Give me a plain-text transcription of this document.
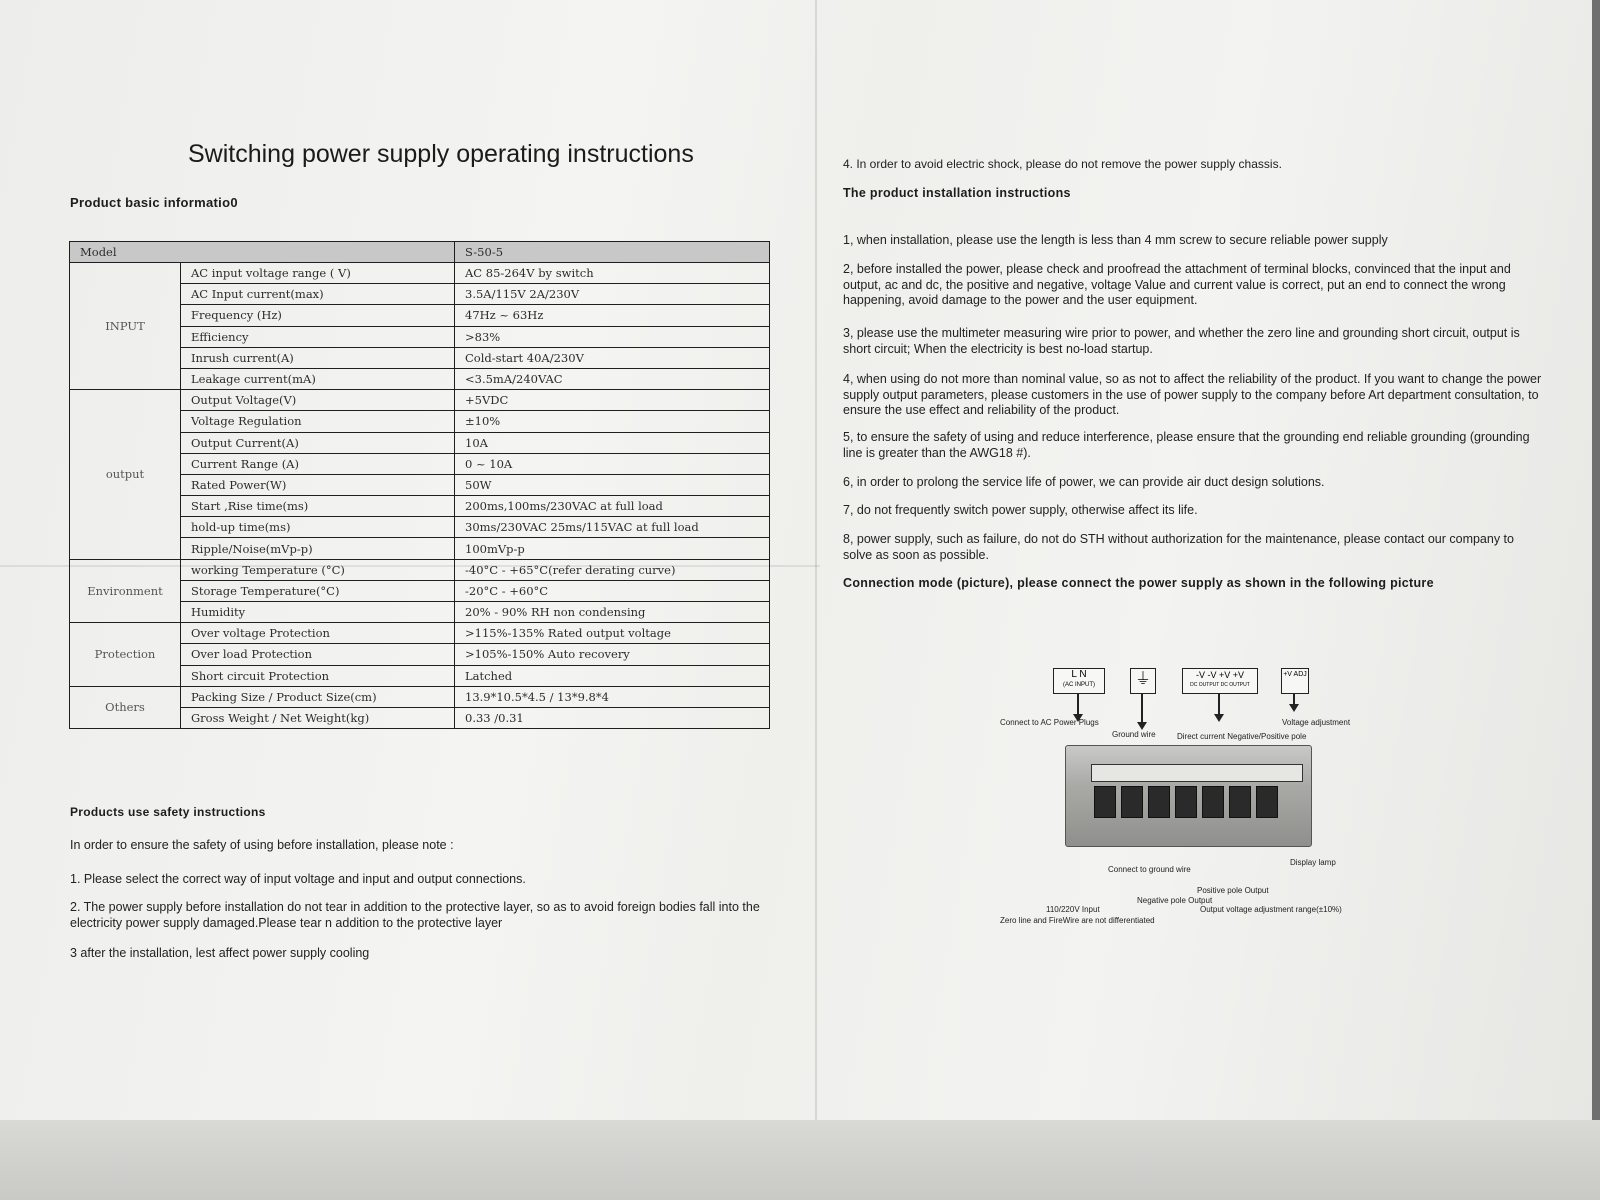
Switching power supply operating instructions
Product basic informatio0
Model		S-50-5
INPUT	AC input voltage range ( V)	AC 85-264V by switch
	AC Input current(max)	3.5A/115V 2A/230V
	Frequency (Hz)	47Hz ~ 63Hz
	Efficiency	>83%
	Inrush current(A)	Cold-start 40A/230V
	Leakage current(mA)	<3.5mA/240VAC
output	Output Voltage(V)	+5VDC
	Voltage Regulation	±10%
	Output Current(A)	10A
	Current Range (A)	0 ~ 10A
	Rated Power(W)	50W
	Start ,Rise time(ms)	200ms,100ms/230VAC at full load
	hold-up time(ms)	30ms/230VAC 25ms/115VAC at full load
	Ripple/Noise(mVp-p)	100mVp-p
Environment	working Temperature (°C)	-40°C - +65°C(refer derating curve)
	Storage Temperature(°C)	-20°C - +60°C
	Humidity	20% - 90% RH non condensing
Protection	Over voltage Protection	>115%-135% Rated output voltage
	Over load Protection	>105%-150% Auto recovery
	Short circuit Protection	Latched
Others	Packing Size / Product Size(cm)	13.9*10.5*4.5 / 13*9.8*4
	Gross Weight / Net Weight(kg)	0.33 /0.31
Products use safety instructions
In order to ensure the safety of using before installation, please note :
1. Please select the correct way of input voltage and input and output connections.
2. The power supply before installation do not tear in addition to the protective layer, so as to avoid foreign bodies fall into the electricity power supply damaged.Please tear n addition to the protective layer
3 after the installation, lest affect power supply cooling
4. In order to avoid electric shock, please do not remove the power supply chassis.
The product installation instructions
1, when installation, please use the length is less than 4 mm screw to secure reliable power supply
2, before installed the power, please check and proofread the attachment of terminal blocks, convinced that the input and output, ac and dc, the positive and negative, voltage Value and current value is correct, put an end to connect the wrong happening, avoid damage to the power and the user equipment.
3, please use the multimeter measuring wire prior to power, and whether the zero line and grounding short circuit, output is short circuit; When the electricity is best no-load startup.
4, when using do not more than nominal value, so as not to affect the reliability of the product. If you want to change the power supply output parameters, please customers in the use of power supply to the company before Art department consultation, to ensure the use effect and reliability of the product.
5, to ensure the safety of using and reduce interference, please ensure that the grounding end reliable grounding (grounding line is greater than the AWG18 #).
6, in order to prolong the service life of power, we can provide air duct design solutions.
7, do not frequently switch power supply, otherwise affect its life.
8, power supply, such as failure, do not do STH without authorization for the maintenance, please contact our company to solve as soon as possible.
Connection mode (picture), please connect the power supply as shown in the following picture
L N
(AC INPUT)	⏚	-V -V +V +V
DC OUTPUT DC OUTPUT
+V ADJ
Connect to AC Power Plugs
Ground wire	Direct current Negative/Positive pole
Voltage adjustment
Display lamp
Connect to ground wire
Positive pole Output
Negative pole Output
Output voltage adjustment range(±10%)
110/220V Input
Zero line and FireWire are not differentiated
